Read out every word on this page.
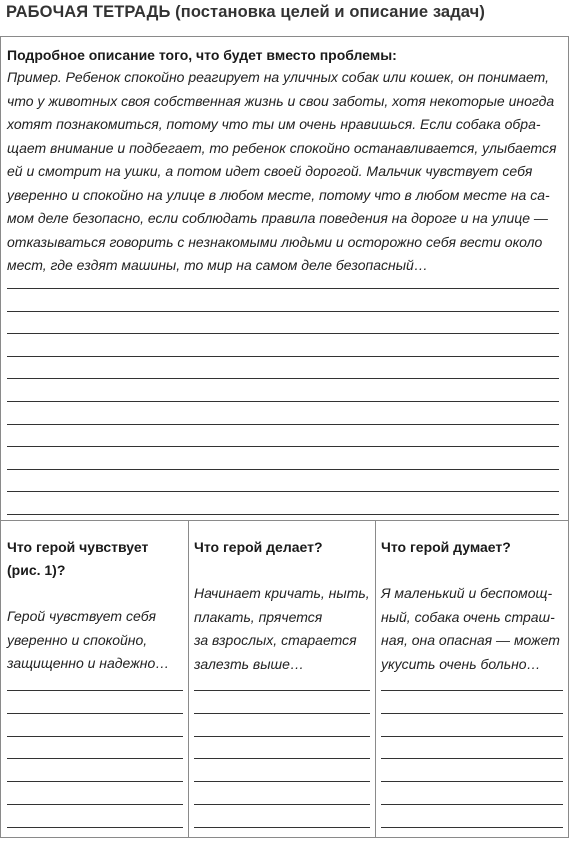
РАБОЧАЯ ТЕТРАДЬ (постановка целей и описание задач)
Подробное описание того, что будет вместо проблемы:
Пример. Ребенок спокойно реагирует на уличных собак или кошек, он понимает,
что у животных своя собственная жизнь и свои заботы, хотя некоторые иногда
хотят познакомиться, потому что ты им очень нравишься. Если собака обра-
щает внимание и подбегает, то ребенок спокойно останавливается, улыбается
ей и смотрит на ушки, а потом идет своей дорогой. Мальчик чувствует себя
уверенно и спокойно на улице в любом месте, потому что в любом месте на са-
мом деле безопасно, если соблюдать правила поведения на дороге и на улице —
отказываться говорить с незнакомыми людьми и осторожно себя вести около
мест, где ездят машины, то мир на самом деле безопасный…
Что герой чувствует
(рис. 1)?
Что герой делает?	Что герой думает?
Герой чувствует себя
уверенно и спокойно,
защищенно и надежно…
Начинает кричать, ныть,
плакать, прячется
за взрослых, старается
залезть выше…
Я маленький и беспомощ-
ный, собака очень страш-
ная, она опасная — может
укусить очень больно…
